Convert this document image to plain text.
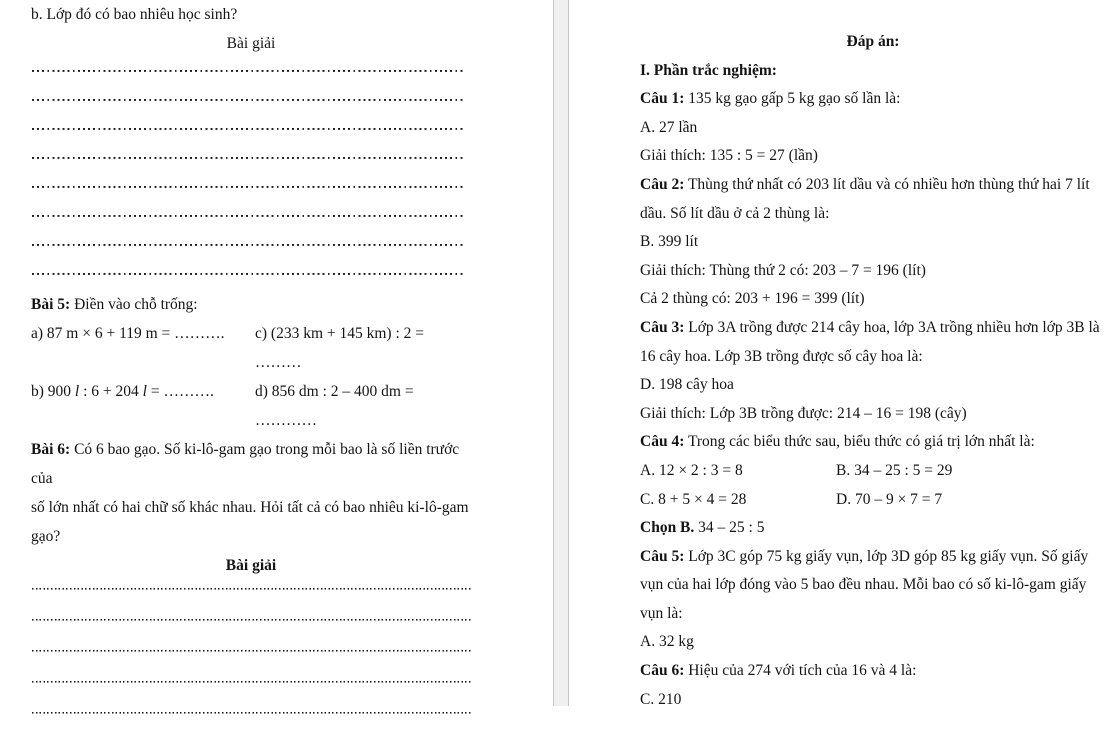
b. Lớp đó có bao nhiêu học sinh?
Bài giải
Bài 5: Điền vào chỗ trống:
a) 87 m × 6 + 119 m = ……….	c) (233 km + 145 km) : 2 = ………
b) 900 l : 6 + 204 l = ……….	d) 856 dm : 2 – 400 dm = …………
Bài 6: Có 6 bao gạo. Số ki-lô-gam gạo trong mỗi bao là số liền trước của
số lớn nhất có hai chữ số khác nhau. Hỏi tất cả có bao nhiêu ki-lô-gam
gạo?
Bài giải
Đáp án:
I. Phần trắc nghiệm:
Câu 1: 135 kg gạo gấp 5 kg gạo số lần là:
A. 27 lần
Giải thích: 135 : 5 = 27 (lần)
Câu 2: Thùng thứ nhất có 203 lít dầu và có nhiều hơn thùng thứ hai 7 lít
dầu. Số lít dầu ở cả 2 thùng là:
B. 399 lít
Giải thích: Thùng thứ 2 có: 203 – 7 = 196 (lít)
Cả 2 thùng có: 203 + 196 = 399 (lít)
Câu 3: Lớp 3A trồng được 214 cây hoa, lớp 3A trồng nhiều hơn lớp 3B là
16 cây hoa. Lớp 3B trồng được số cây hoa là:
D. 198 cây hoa
Giải thích: Lớp 3B trồng được: 214 – 16 = 198 (cây)
Câu 4: Trong các biểu thức sau, biểu thức có giá trị lớn nhất là:
A. 12 × 2 : 3 = 8	B. 34 – 25 : 5 = 29
C. 8 + 5 × 4 = 28	D. 70 – 9 × 7 = 7
Chọn B. 34 – 25 : 5
Câu 5: Lớp 3C góp 75 kg giấy vụn, lớp 3D góp 85 kg giấy vụn. Số giấy
vụn của hai lớp đóng vào 5 bao đều nhau. Mỗi bao có số ki-lô-gam giấy
vụn là:
A. 32 kg
Câu 6: Hiệu của 274 với tích của 16 và 4 là:
C. 210
